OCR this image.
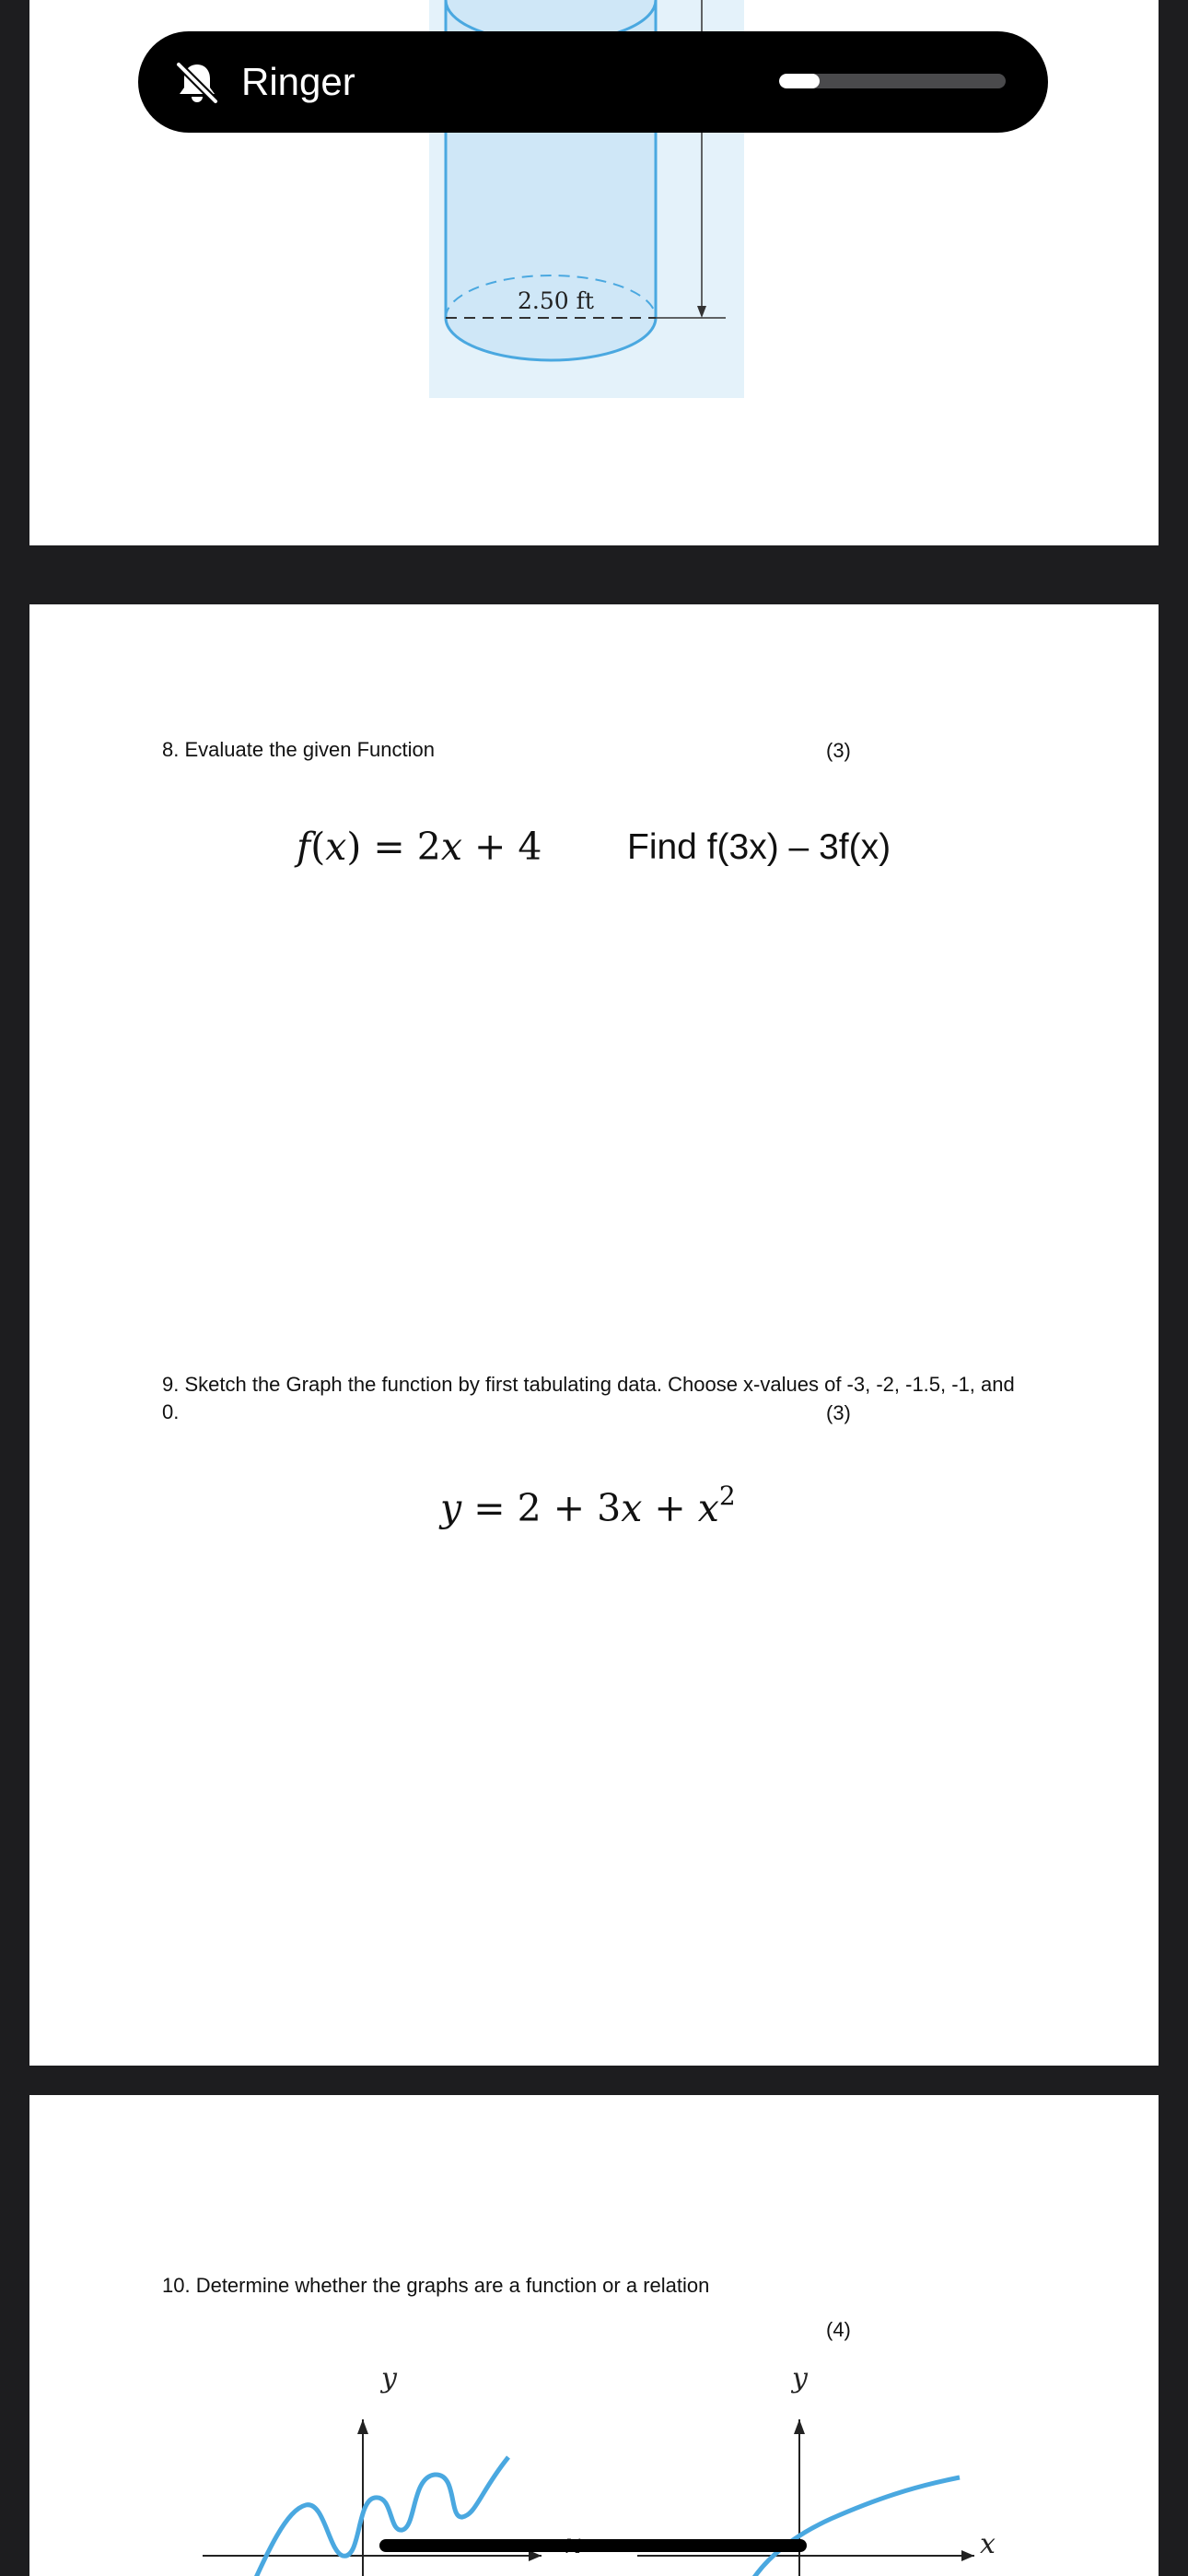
2.50 ft
8. Evaluate the given Function	(3)
f(x) = 2x + 4 Find f(3x) – 3f(x)
9. Sketch the Graph the function by first tabulating data. Choose x-values of -3, -2, -1.5, -1, and
0.	(3)
$y = 2 + 3x + x^2$
10. Determine whether the graphs are a function or a relation
(4)
y	y
x
Ringer
